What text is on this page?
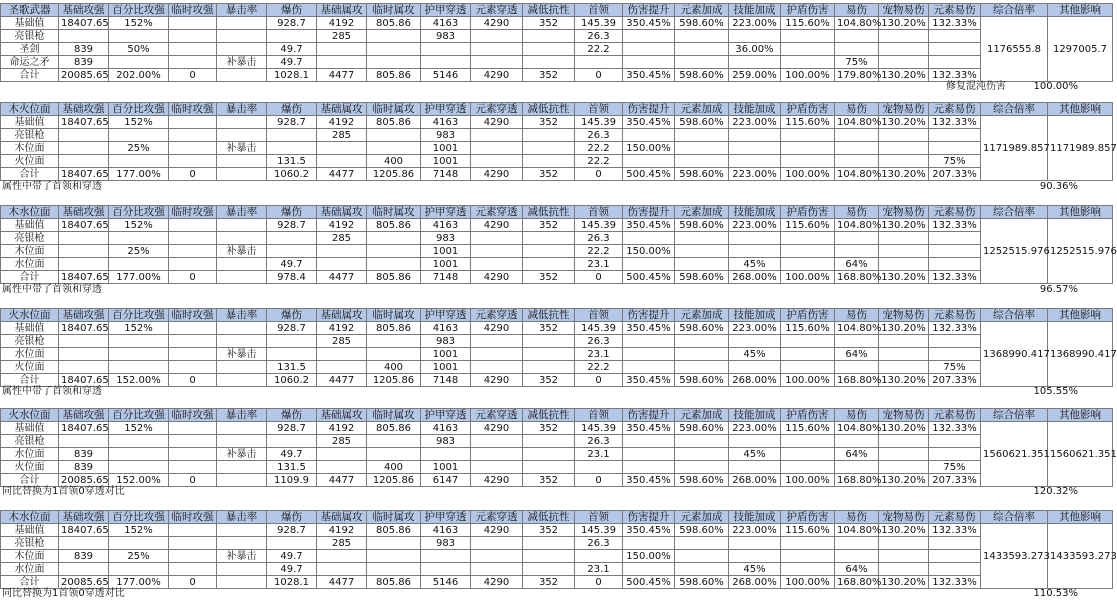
圣歌武器	基础攻强	百分比攻强	临时攻强	暴击率	爆伤	基础属攻	临时属攻	护甲穿透	元素穿透	减低抗性	首领	伤害提升	元素加成	技能加成	护盾伤害	易伤	宠物易伤	元素易伤	综合倍率	其他影响
基础值	18407.65	152%			928.7	4192	805.86	4163	4290	352	145.39	350.45%	598.60%	223.00%	115.60%	104.80%	130.20%	132.33%	1176555.8	1297005.7
亮银枪						285		983			26.3									
圣剑	839	50%			49.7						22.2			36.00%						
命运之矛	839			补暴击	49.7											75%				
合计	20085.65	202.00%	0		1028.1	4477	805.86	5146	4290	352	0	350.45%	598.60%	259.00%	100.00%	179.80%	130.20%	132.33%		
修复混沌伤害	100.00%
木火位面	基础攻强	百分比攻强	临时攻强	暴击率	爆伤	基础属攻	临时属攻	护甲穿透	元素穿透	减低抗性	首领	伤害提升	元素加成	技能加成	护盾伤害	易伤	宠物易伤	元素易伤	综合倍率	其他影响
基础值	18407.65	152%			928.7	4192	805.86	4163	4290	352	145.39	350.45%	598.60%	223.00%	115.60%	104.80%	130.20%	132.33%	1171989.857	1171989.857
亮银枪						285		983			26.3									
木位面		25%		补暴击				1001			22.2	150.00%								
火位面					131.5		400	1001			22.2							75%		
合计	18407.65	177.00%	0		1060.2	4477	1205.86	7148	4290	352	0	500.45%	598.60%	223.00%	100.00%	104.80%	130.20%	207.33%		
属性中带了首领和穿透	90.36%
木水位面	基础攻强	百分比攻强	临时攻强	暴击率	爆伤	基础属攻	临时属攻	护甲穿透	元素穿透	减低抗性	首领	伤害提升	元素加成	技能加成	护盾伤害	易伤	宠物易伤	元素易伤	综合倍率	其他影响
基础值	18407.65	152%			928.7	4192	805.86	4163	4290	352	145.39	350.45%	598.60%	223.00%	115.60%	104.80%	130.20%	132.33%	1252515.976	1252515.976
亮银枪						285		983			26.3									
木位面		25%		补暴击				1001			22.2	150.00%								
水位面					49.7			1001			23.1			45%		64%				
合计	18407.65	177.00%	0		978.4	4477	805.86	7148	4290	352	0	500.45%	598.60%	268.00%	100.00%	168.80%	130.20%	132.33%		
属性中带了首领和穿透	96.57%
火水位面	基础攻强	百分比攻强	临时攻强	暴击率	爆伤	基础属攻	临时属攻	护甲穿透	元素穿透	减低抗性	首领	伤害提升	元素加成	技能加成	护盾伤害	易伤	宠物易伤	元素易伤	综合倍率	其他影响
基础值	18407.65	152%			928.7	4192	805.86	4163	4290	352	145.39	350.45%	598.60%	223.00%	115.60%	104.80%	130.20%	132.33%	1368990.417	1368990.417
亮银枪						285		983			26.3									
水位面				补暴击				1001			23.1			45%		64%				
火位面					131.5		400	1001			22.2							75%		
合计	18407.65	152.00%	0		1060.2	4477	1205.86	7148	4290	352	0	350.45%	598.60%	268.00%	100.00%	168.80%	130.20%	207.33%		
属性中带了首领和穿透	105.55%
火水位面	基础攻强	百分比攻强	临时攻强	暴击率	爆伤	基础属攻	临时属攻	护甲穿透	元素穿透	减低抗性	首领	伤害提升	元素加成	技能加成	护盾伤害	易伤	宠物易伤	元素易伤	综合倍率	其他影响
基础值	18407.65	152%			928.7	4192	805.86	4163	4290	352	145.39	350.45%	598.60%	223.00%	115.60%	104.80%	130.20%	132.33%	1560621.351	1560621.351
亮银枪						285		983			26.3									
水位面	839			补暴击	49.7						23.1			45%		64%				
火位面	839				131.5		400	1001										75%		
合计	20085.65	152.00%	0		1109.9	4477	1205.86	6147	4290	352	0	350.45%	598.60%	268.00%	100.00%	168.80%	130.20%	207.33%		
同比替换为1首领0穿透对比	120.32%
木水位面	基础攻强	百分比攻强	临时攻强	暴击率	爆伤	基础属攻	临时属攻	护甲穿透	元素穿透	减低抗性	首领	伤害提升	元素加成	技能加成	护盾伤害	易伤	宠物易伤	元素易伤	综合倍率	其他影响
基础值	18407.65	152%			928.7	4192	805.86	4163	4290	352	145.39	350.45%	598.60%	223.00%	115.60%	104.80%	130.20%	132.33%	1433593.273	1433593.273
亮银枪						285		983			26.3									
木位面	839	25%		补暴击	49.7							150.00%								
水位面					49.7						23.1			45%		64%				
合计	20085.65	177.00%	0		1028.1	4477	805.86	5146	4290	352	0	500.45%	598.60%	268.00%	100.00%	168.80%	130.20%	132.33%		
同比替换为1首领0穿透对比	110.53%
